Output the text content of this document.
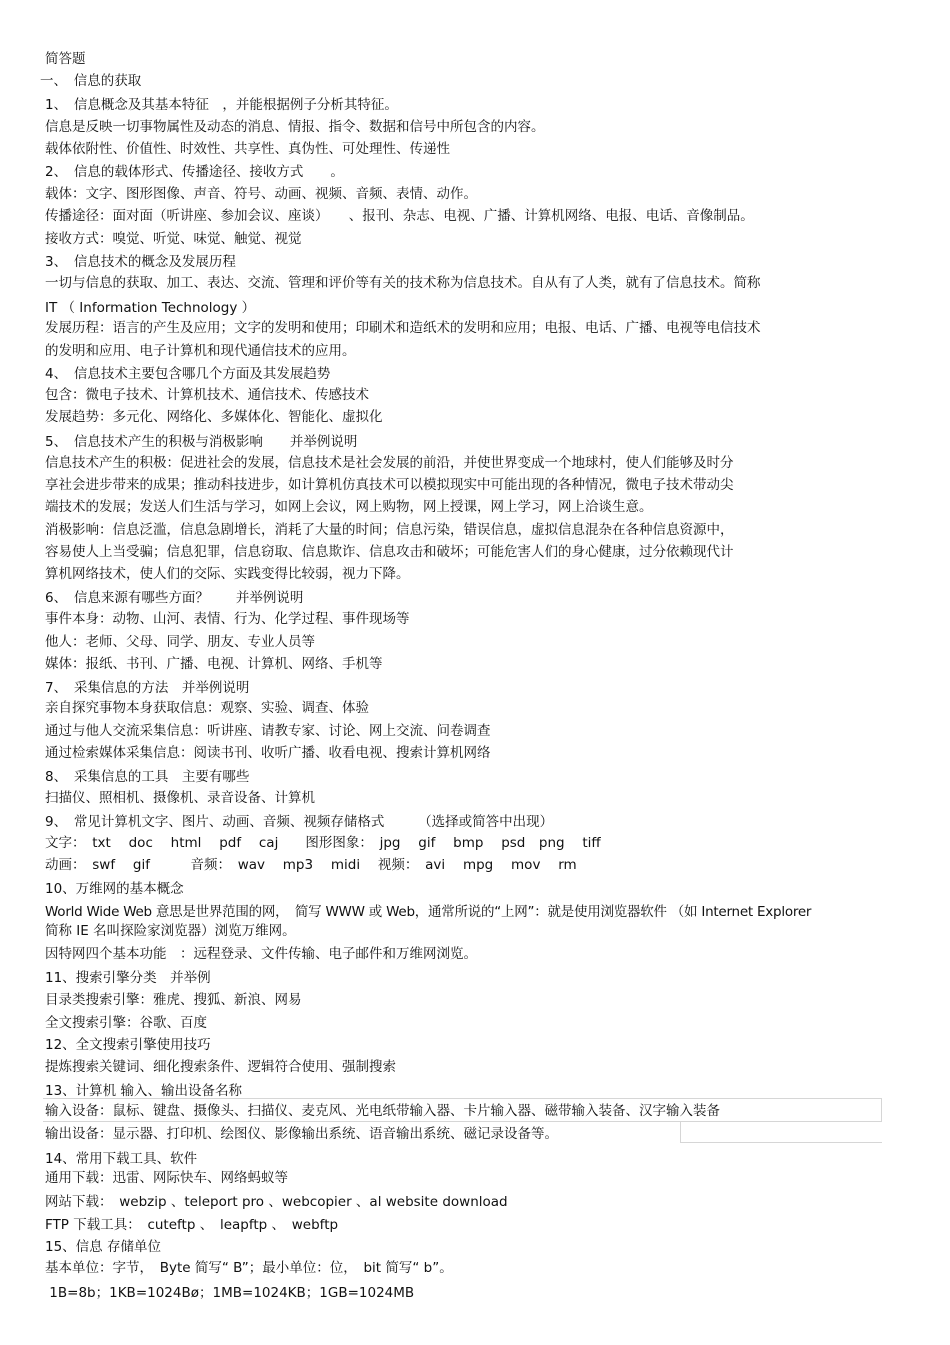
简答题
一、　信息的获取
1、　信息概念及其基本特征　，并能根据例子分析其特征。
信息是反映一切事物属性及动态的消息、情报、指令、数据和信号中所包含的内容。
载体依附性、价值性、时效性、共享性、真伪性、可处理性、传递性
2、　信息的载体形式、传播途径、接收方式　　。
载体：文字、图形图像、声音、符号、动画、视频、音频、表情、动作。
传播途径：面对面（听讲座、参加会议、座谈）　　、报刊、杂志、电视、广播、计算机网络、电报、电话、音像制品。
接收方式：嗅觉、听觉、味觉、触觉、视觉
3、　信息技术的概念及发展历程
一切与信息的获取、加工、表达、交流、管理和评价等有关的技术称为信息技术。自从有了人类，就有了信息技术。简称
IT （ Information Technology ）
发展历程：语言的产生及应用；文字的发明和使用；印刷术和造纸术的发明和应用；电报、电话、广播、电视等电信技术
的发明和应用、电子计算机和现代通信技术的应用。
4、　信息技术主要包含哪几个方面及其发展趋势
包含：微电子技术、计算机技术、通信技术、传感技术
发展趋势：多元化、网络化、多媒体化、智能化、虚拟化
5、　信息技术产生的积极与消极影响　　并举例说明
信息技术产生的积极：促进社会的发展，信息技术是社会发展的前沿，并使世界变成一个地球村，使人们能够及时分
享社会进步带来的成果；推动科技进步，如计算机仿真技术可以模拟现实中可能出现的各种情况，微电子技术带动尖
端技术的发展；发送人们生活与学习，如网上会议，网上购物，网上授课，网上学习，网上洽谈生意。
消极影响：信息泛滥，信息急剧增长，消耗了大量的时间；信息污染，错误信息，虚拟信息混杂在各种信息资源中，
容易使人上当受骗；信息犯罪，信息窃取、信息欺诈、信息攻击和破坏；可能危害人们的身心健康，过分依赖现代计
算机网络技术，使人们的交际、实践变得比较弱，视力下降。
6、　信息来源有哪些方面？　　并举例说明
事件本身：动物、山河、表情、行为、化学过程、事件现场等
他人：老师、父母、同学、朋友、专业人员等
媒体：报纸、书刊、广播、电视、计算机、网络、手机等
7、　采集信息的方法　并举例说明
亲自探究事物本身获取信息：观察、实验、调查、体验
通过与他人交流采集信息：听讲座、请教专家、讨论、网上交流、问卷调查
通过检索媒体采集信息：阅读书刊、收听广播、收看电视、搜索计算机网络
8、　采集信息的工具　主要有哪些
扫描仪、照相机、摄像机、录音设备、计算机
9、　常见计算机文字、图片、动画、音频、视频存储格式　　　（选择或简答中出现）
文字：　txt　 doc　 html　 pdf　 caj　　图形图象：　jpg　 gif　 bmp　 psd　png　 tiff
动画：　swf　 gif　　　音频：　wav　 mp3　 midi　 视频：　avi　 mpg　 mov　 rm
10、万维网的基本概念
World Wide Web 意思是世界范围的网，　简写 WWW 或 Web，通常所说的“上网”：就是使用浏览器软件 （如 Internet Explorer
简称 IE 名叫探险家浏览器）浏览万维网。
因特网四个基本功能　：远程登录、文件传输、电子邮件和万维网浏览。
11、搜索引擎分类　并举例
目录类搜索引擎：雅虎、搜狐、新浪、网易
全文搜索引擎：谷歌、百度
12、全文搜索引擎使用技巧
提炼搜索关键词、细化搜索条件、逻辑符合使用、强制搜索
13、计算机 输入、输出设备名称
输入设备：鼠标、键盘、摄像头、扫描仪、麦克风、光电纸带输入器、卡片输入器、磁带输入装备、汉字输入装备
输出设备：显示器、打印机、绘图仪、影像输出系统、语音输出系统、磁记录设备等。
14、常用下载工具、软件
通用下载：迅雷、网际快车、网络蚂蚁等
网站下载：　webzip 、teleport pro 、webcopier 、al website download
FTP 下载工具：　cuteftp 、　leapftp 、　webftp
15、信息 存储单位
基本单位：字节，　Byte 简写“ B”；最小单位：位，　bit 简写“ b”。
1B=8b；1KB=1024Bø；1MB=1024KB；1GB=1024MB
